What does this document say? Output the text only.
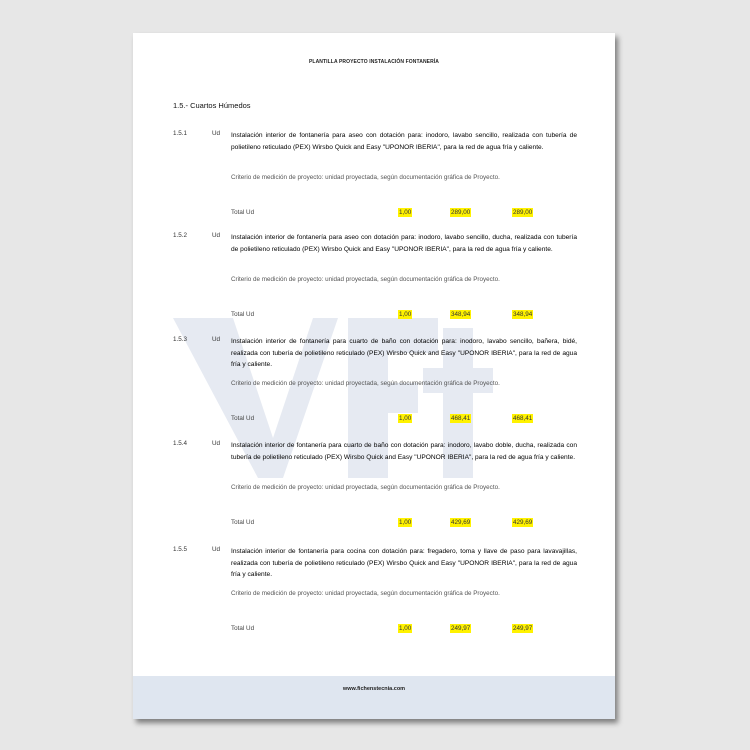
PLANTILLA PROYECTO INSTALACIÓN FONTANERÍA
1.5.- Cuartos Húmedos
1.5.1	Ud Instalación interior de fontanería para aseo con dotación para: inodoro, lavabo sencillo, realizada con tubería de polietileno reticulado (PEX) Wirsbo Quick and Easy "UPONOR IBERIA", para la red de agua fría y caliente.
Criterio de medición de proyecto: unidad proyectada, según documentación gráfica de Proyecto.
Total Ud	1,00	289,00	289,00
1.5.2	Ud Instalación interior de fontanería para aseo con dotación para: inodoro, lavabo sencillo, ducha, realizada con tubería de polietileno reticulado (PEX) Wirsbo Quick and Easy "UPONOR IBERIA", para la red de agua fría y caliente.
Criterio de medición de proyecto: unidad proyectada, según documentación gráfica de Proyecto.
Total Ud	1,00	348,94	348,94
1.5.3	Ud Instalación interior de fontanería para cuarto de baño con dotación para: inodoro, lavabo sencillo, bañera, bidé, realizada con tubería de polietileno reticulado (PEX) Wirsbo Quick and Easy "UPONOR IBERIA", para la red de agua fría y caliente.
Criterio de medición de proyecto: unidad proyectada, según documentación gráfica de Proyecto.
Total Ud	1,00	468,41	468,41
1.5.4	Ud Instalación interior de fontanería para cuarto de baño con dotación para: inodoro, lavabo doble, ducha, realizada con tubería de polietileno reticulado (PEX) Wirsbo Quick and Easy "UPONOR IBERIA", para la red de agua fría y caliente.
Criterio de medición de proyecto: unidad proyectada, según documentación gráfica de Proyecto.
Total Ud	1,00	429,69	429,69
1.5.5	Ud Instalación interior de fontanería para cocina con dotación para: fregadero, toma y llave de paso para lavavajillas, realizada con tubería de polietileno reticulado (PEX) Wirsbo Quick and Easy "UPONOR IBERIA", para la red de agua fría y caliente.
Criterio de medición de proyecto: unidad proyectada, según documentación gráfica de Proyecto.
Total Ud	1,00	249,97	249,97
www.fichenstecnia.com
